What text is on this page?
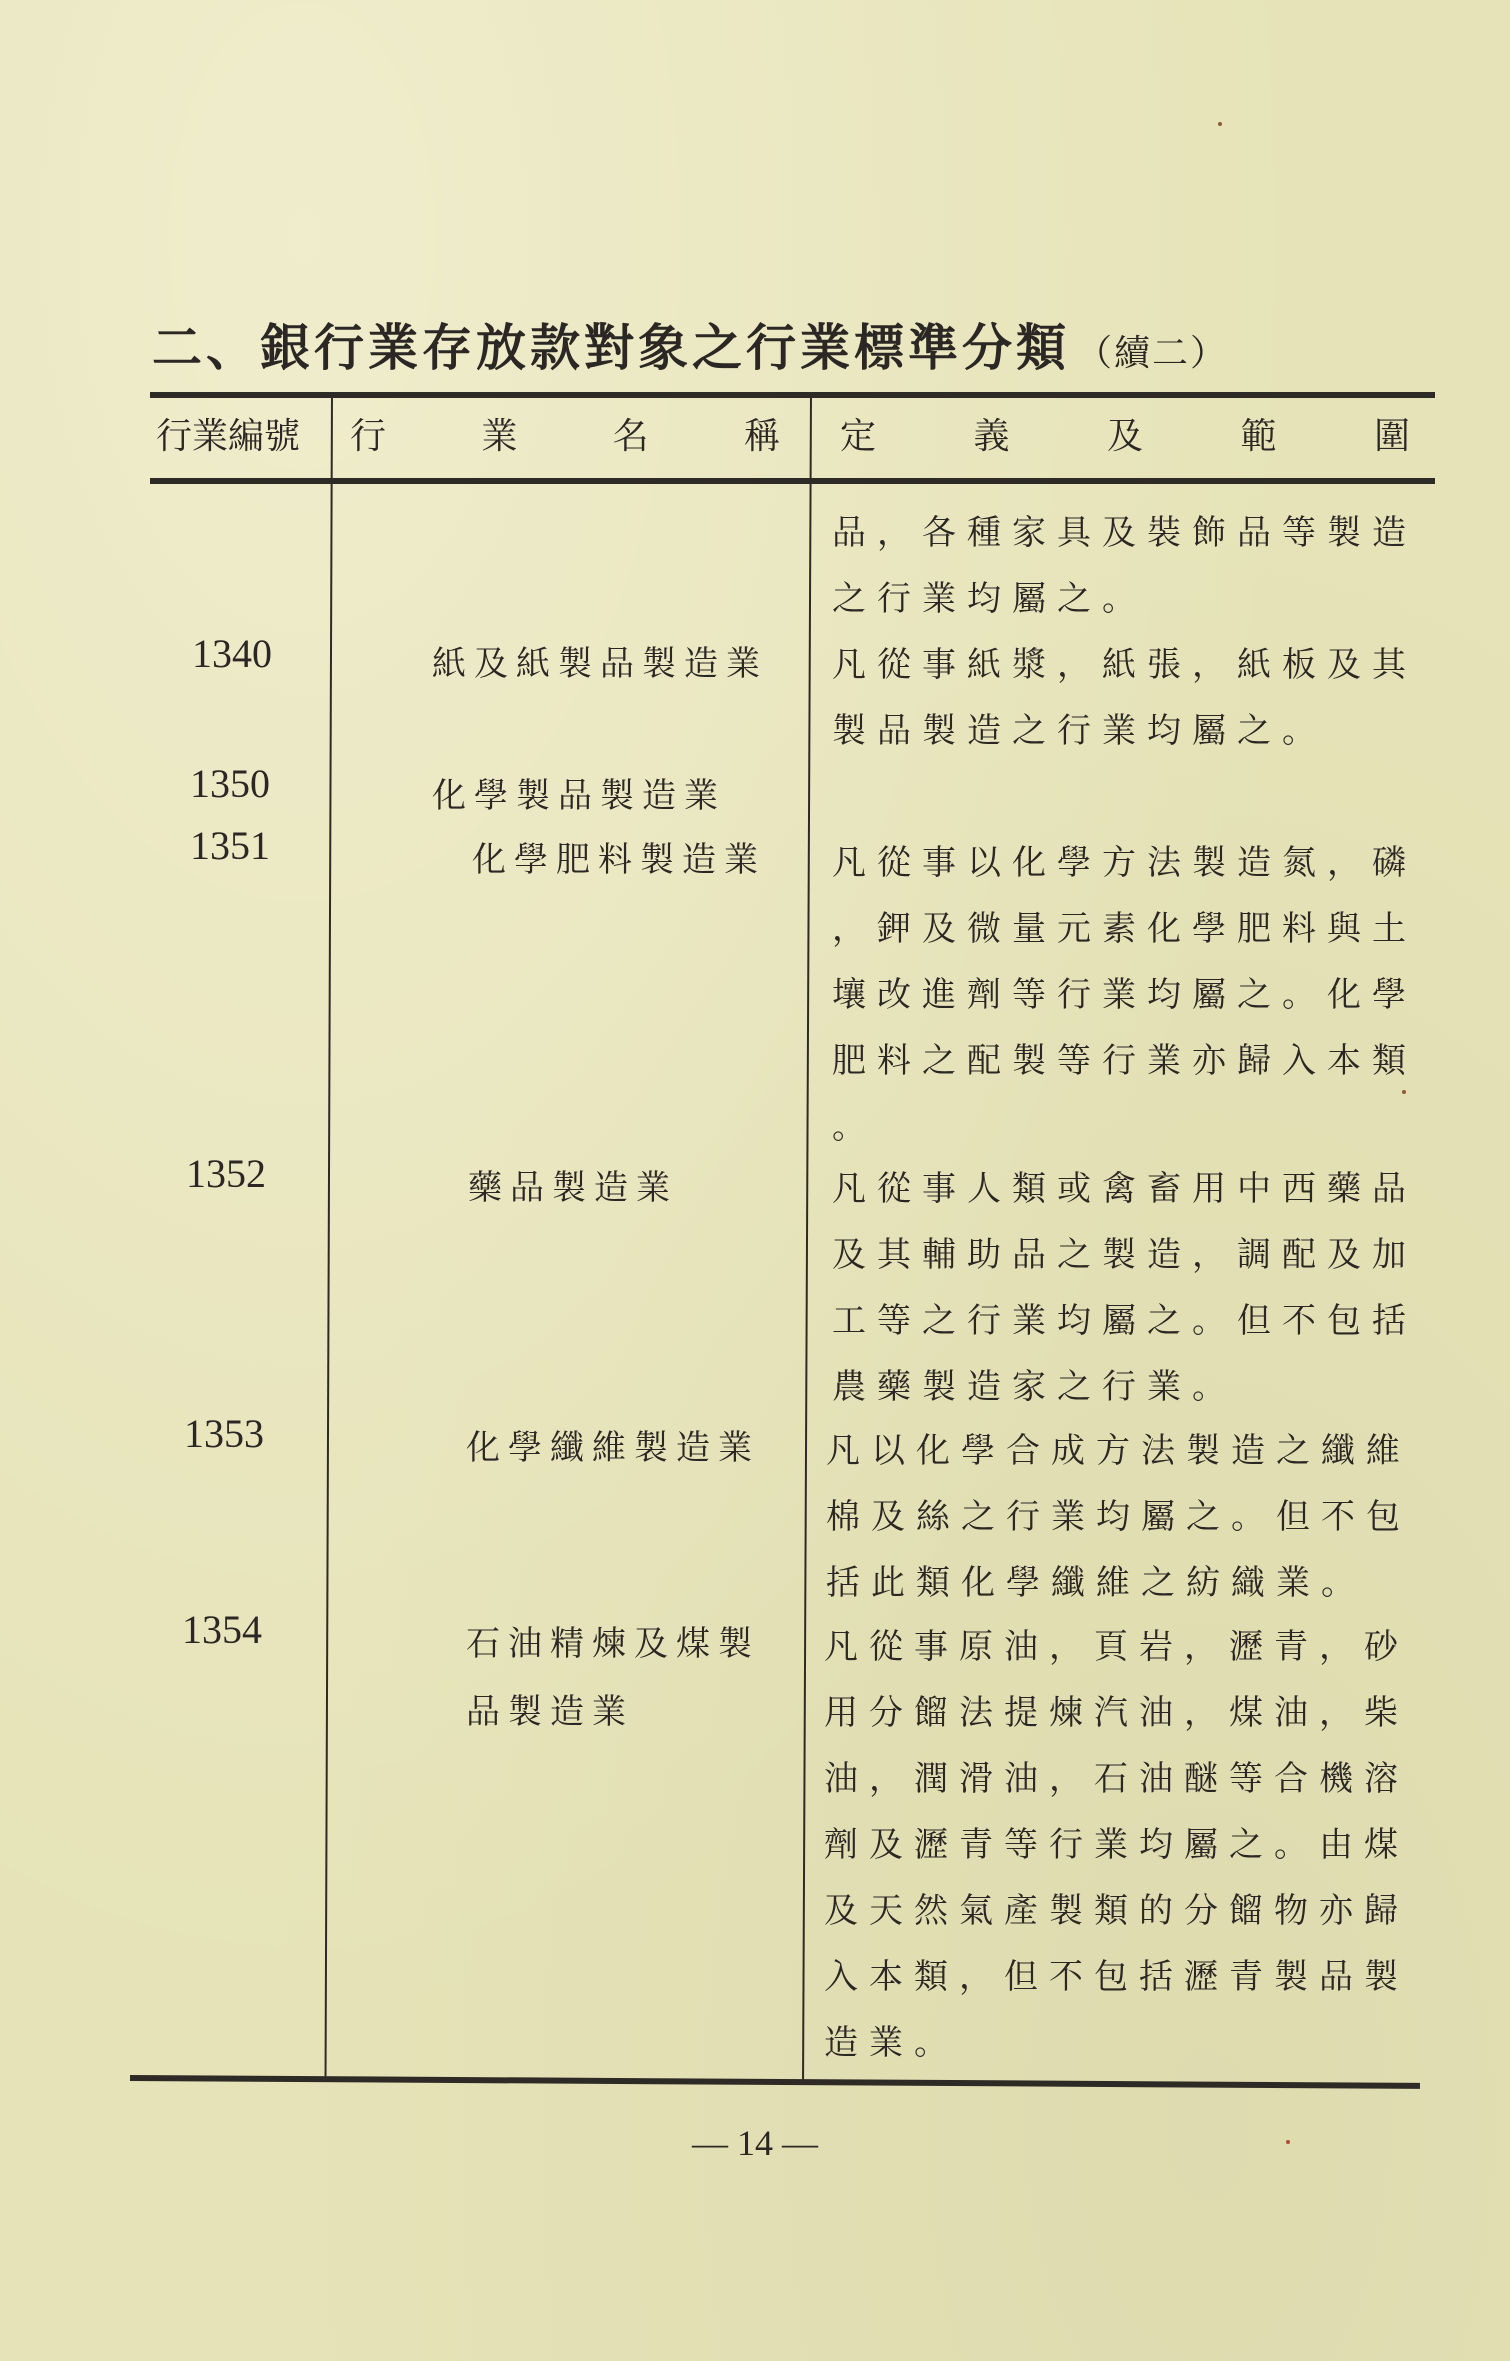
二、銀行業存放款對象之行業標準分類 （續二）
行業編號 行	業	名	稱 定	義	及	範	圍
品，各種家具及裝飾品等製造
之行業均屬之。
1340	紙及紙製品製造業 凡從事紙漿，紙張，紙板及其
製品製造之行業均屬之。
1350	化學製品製造業
1351	化學肥料製造業 凡從事以化學方法製造氮，磷
，鉀及微量元素化學肥料與土
壤改進劑等行業均屬之。化學
肥料之配製等行業亦歸入本類
。
1352	藥品製造業	凡從事人類或禽畜用中西藥品
及其輔助品之製造，調配及加
工等之行業均屬之。但不包括
農藥製造家之行業。
1353	化學纖維製造業 凡以化學合成方法製造之纖維
棉及絲之行業均屬之。但不包
括此類化學纖維之紡織業。
1354	石油精煉及煤製
品製造業
凡從事原油，頁岩，瀝青，砂
用分餾法提煉汽油，煤油，柴
油，潤滑油，石油醚等合機溶
劑及瀝青等行業均屬之。由煤
及天然氣產製類的分餾物亦歸
入本類，但不包括瀝青製品製
造業。
— 14 —
